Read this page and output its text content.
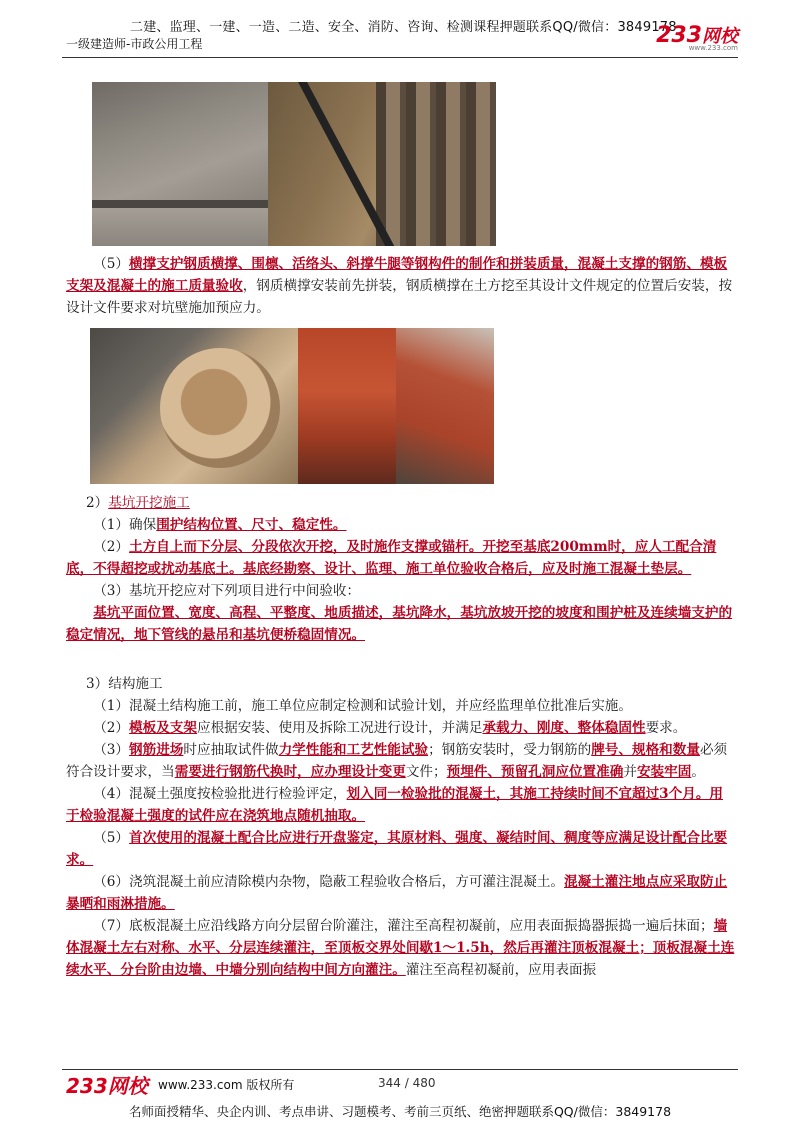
二建、监理、一建、一造、二造、安全、消防、咨询、检测课程押题联系QQ/微信：3849178
一级建造师-市政公用工程	233网校
www.233.com
（5）横撑支护钢质横撑、围檩、活络头、斜撑牛腿等钢构件的制作和拼装质量，混凝土支撑的钢筋、模板支架及混凝土的施工质量验收，钢质横撑安装前先拼装，钢质横撑在土方挖至其设计文件规定的位置后安装，按设计文件要求对坑壁施加预应力。

2）基坑开挖施工

（1）确保围护结构位置、尺寸、稳定性。

（2）土方自上而下分层、分段依次开挖，及时施作支撑或锚杆。开挖至基底200mm时，应人工配合清底，不得超挖或扰动基底土。基底经勘察、设计、监理、施工单位验收合格后，应及时施工混凝土垫层。

（3）基坑开挖应对下列项目进行中间验收：

基坑平面位置、宽度、高程、平整度、地质描述，基坑降水，基坑放坡开挖的坡度和围护桩及连续墙支护的稳定情况，地下管线的悬吊和基坑便桥稳固情况。

3）结构施工

（1）混凝土结构施工前，施工单位应制定检测和试验计划，并应经监理单位批准后实施。

（2）模板及支架应根据安装、使用及拆除工况进行设计，并满足承载力、刚度、整体稳固性要求。

（3）钢筋进场时应抽取试件做力学性能和工艺性能试验；钢筋安装时，受力钢筋的牌号、规格和数量必须符合设计要求，当需要进行钢筋代换时，应办理设计变更文件；预埋件、预留孔洞应位置准确并安装牢固。

（4）混凝土强度按检验批进行检验评定，划入同一检验批的混凝土，其施工持续时间不宜超过3个月。用于检验混凝土强度的试件应在浇筑地点随机抽取。

（5）首次使用的混凝土配合比应进行开盘鉴定，其原材料、强度、凝结时间、稠度等应满足设计配合比要求。

（6）浇筑混凝土前应清除模内杂物，隐蔽工程验收合格后，方可灌注混凝土。混凝土灌注地点应采取防止暴晒和雨淋措施。

（7）底板混凝土应沿线路方向分层留台阶灌注，灌注至高程初凝前，应用表面振捣器振捣一遍后抹面；墙体混凝土左右对称、水平、分层连续灌注，至顶板交界处间歇1～1.5h，然后再灌注顶板混凝土；顶板混凝土连续水平、分台阶由边墙、中墙分别向结构中间方向灌注。灌注至高程初凝前，应用表面振

233网校 www.233.com 版权所有	344 / 480
名师面授精华、央企内训、考点串讲、习题模考、考前三页纸、绝密押题联系QQ/微信：3849178
